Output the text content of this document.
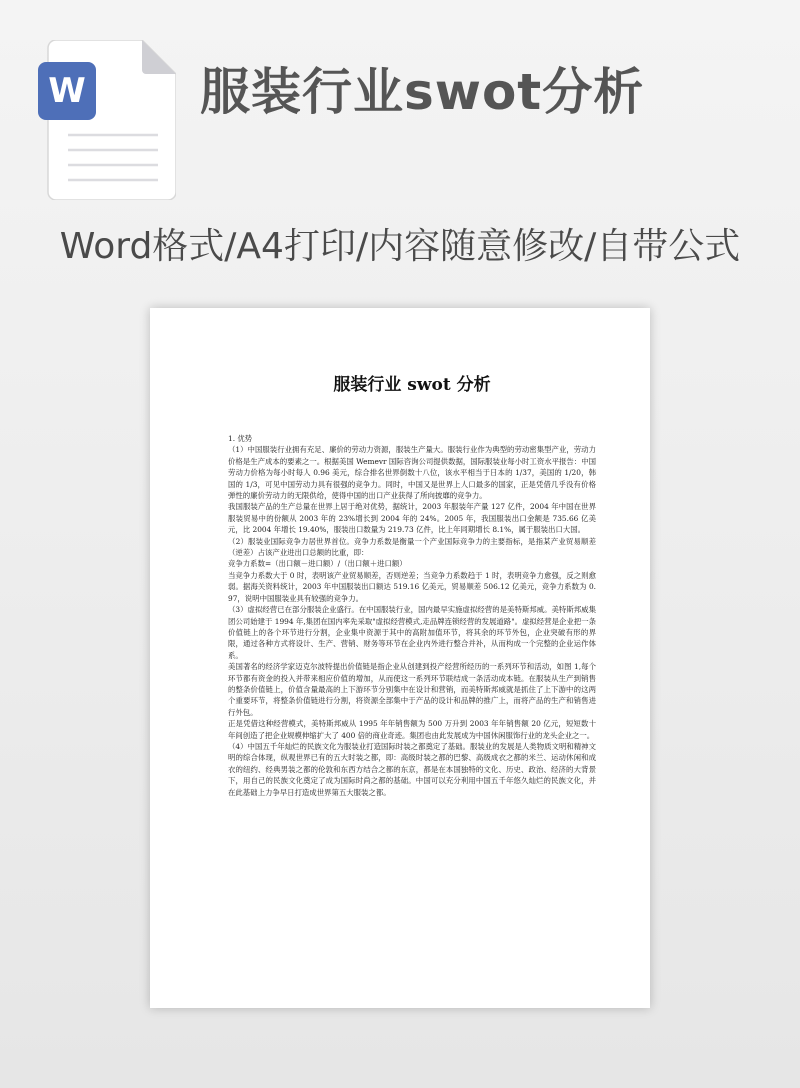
W 服装行业swot分析
Word格式/A4打印/内容随意修改/自带公式
服装行业 swot 分析

1. 优势

（1）中国服装行业拥有充足、廉价的劳动力资源，服装生产量大。服装行业作为典型的劳动密集型产业，劳动力价格是生产成本的要素之一。根据美国 Wemevr 国际咨询公司提供数据，国际服装业每小时工资水平报告：中国劳动力价格为每小时每人 0.96 美元，综合排名世界倒数十八位，该水平相当于日本的 1/37，美国的 1/20，韩国的 1/3，可见中国劳动力具有很强的竞争力。同时，中国又是世界上人口最多的国家，正是凭借几乎没有价格弹性的廉价劳动力的无限供给，使得中国的出口产业获得了所向披靡的竞争力。

我国服装产品的生产总量在世界上居于绝对优势，据统计，2003 年服装年产量 127 亿件，2004 年中国在世界服装贸易中的份额从 2003 年的 23%增长到 2004 年的 24%。2005 年，我国服装出口金额是 735.66 亿美元，比 2004 年增长 19.40%，服装出口数量为 219.73 亿件，比上年同期增长 8.1%，属于服装出口大国。

（2）服装业国际竞争力居世界首位。竞争力系数是衡量一个产业国际竞争力的主要指标，是指某产业贸易顺差（逆差）占该产业进出口总额的比重，即：

竞争力系数=（出口额－进口额）/（出口额＋进口额）

当竞争力系数大于 0 时，表明该产业贸易顺差，否则逆差；当竞争力系数趋于 1 时，表明竞争力愈强，反之则愈弱。据海关资料统计，2003 年中国服装出口额达 519.16 亿美元，贸易顺差 506.12 亿美元，竞争力系数为 0.97，说明中国服装业具有较强的竞争力。

（3）虚拟经营已在部分服装企业盛行。在中国服装行业，国内最早实施虚拟经营的是美特斯邦威。美特斯邦威集团公司始建于 1994 年,集团在国内率先采取"虚拟经营模式,走品牌连锁经营的发展道路"。虚拟经营是企业把一条价值链上的各个环节进行分割，企业集中资源于其中的高附加值环节，将其余的环节外包，企业突破有形的界限，通过各种方式将设计、生产、营销、财务等环节在企业内外进行整合并补，从而构成一个完整的企业运作体系。

美国著名的经济学家迈克尔波特提出价值链是指企业从创建到投产经营所经历的一系列环节和活动，如图 1,每个环节都有资金的投入并带来相应价值的增加，从而使这一系列环节联结成一条活动成本链。在服装从生产到销售的整条价值链上，价值含量最高的上下游环节分别集中在设计和营销，而美特斯邦威就是抓住了上下游中的这两个重要环节，将整条价值链进行分割，将资源全部集中于产品的设计和品牌的推广上，而将产品的生产和销售进行外包。

正是凭借这种经营模式，美特斯邦威从 1995 年年销售额为 500 万升到 2003 年年销售额 20 亿元，短短数十年间创造了把企业规模伸缩扩大了 400 倍的商业奇迹。集团也由此发展成为中国休闲服饰行业的龙头企业之一。

（4）中国五千年灿烂的民族文化为服装业打造国际时装之都奠定了基础。服装业的发展是人类物质文明和精神文明的综合体现，纵观世界已有的五大时装之都，即：高级时装之都的巴黎、高级成衣之都的米兰、运动休闲和成衣的纽约、经典男装之都的伦敦和东西方结合之都的东京，都是在本国独特的文化、历史、政治、经济的大背景下，用自己的民族文化奠定了成为国际时尚之都的基础。中国可以充分利用中国五千年悠久灿烂的民族文化，并在此基础上力争早日打造成世界第五大服装之都。
